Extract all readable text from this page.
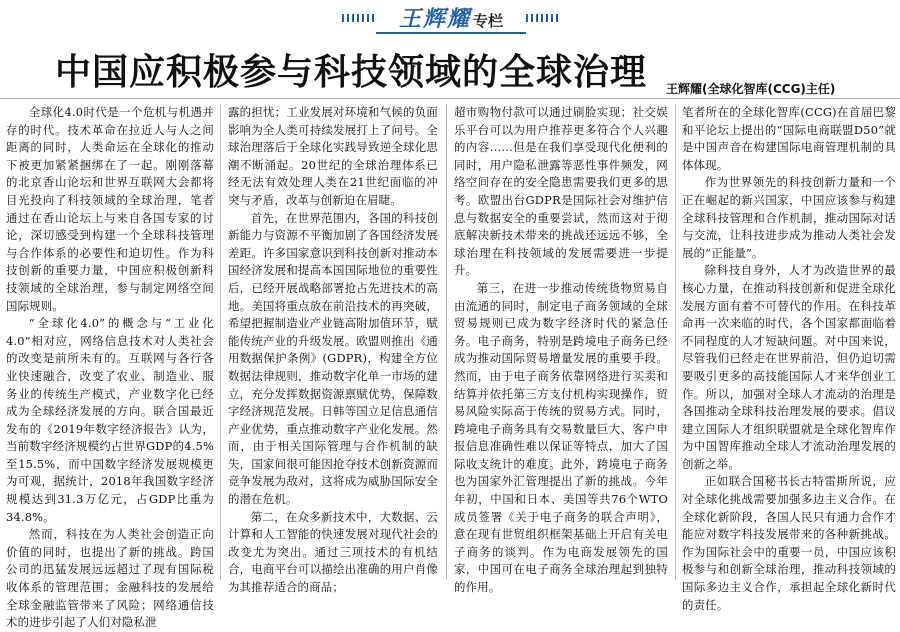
王辉耀 专栏
中国应积极参与科技领域的全球治理 王辉耀(全球化智库(CCG)主任)

全球化4.0时代是一个危机与机遇并存的时代。技术革命在拉近人与人之间距离的同时，人类命运在全球化的推动下被更加紧紧捆绑在了一起。刚刚落幕的北京香山论坛和世界互联网大会都将目光投向了科技领域的全球治理，笔者通过在香山论坛上与来自各国专家的讨论，深切感受到构建一个全球科技管理与合作体系的必要性和迫切性。作为科技创新的重要力量，中国应积极创新科技领域的全球治理，参与制定网络空间国际规则。

“全球化4.0”的概念与“工业化4.0”相对应，网络信息技术对人类社会的改变是前所未有的。互联网与各行各业快速融合，改变了农业、制造业、服务业的传统生产模式，产业数字化已经成为全球经济发展的方向。联合国最近发布的《2019年数字经济报告》认为，当前数字经济规模约占世界GDP的4.5%至15.5%，而中国数字经济发展规模更为可观，据统计，2018年我国数字经济规模达到31.3万亿元，占GDP比重为34.8%。

然而，科技在为人类社会创造正向价值的同时，也提出了新的挑战。跨国公司的迅猛发展远远超过了现有国际税收体系的管理范围；金融科技的发展给全球金融监管带来了风险；网络通信技术的进步引起了人们对隐私泄

露的担忧；工业发展对环境和气候的负面影响为全人类可持续发展打上了问号。全球治理落后于全球化实践导致逆全球化思潮不断涌起。20世纪的全球治理体系已经无法有效处理人类在21世纪面临的冲突与矛盾，改革与创新迫在眉睫。

首先，在世界范围内，各国的科技创新能力与资源不平衡加剧了各国经济发展差距。许多国家意识到科技创新对推动本国经济发展和提高本国国际地位的重要性后，已经开展战略部署抢占先进技术的高地。美国将重点放在前沿技术的再突破，希望把握制造业产业链高附加值环节，赋能传统产业的升级发展。欧盟则推出《通用数据保护条例》(GDPR)，构建全方位数据法律规则，推动数字化单一市场的建立，充分发挥数据资源禀赋优势，保障数字经济规范发展。日韩等国立足信息通信产业优势，重点推动数字产业化发展。然而，由于相关国际管理与合作机制的缺失，国家间很可能因抢夺技术创新资源而竞争发展为敌对，这将成为威胁国际安全的潜在危机。

第二，在众多新技术中，大数据、云计算和人工智能的快速发展对现代社会的改变尤为突出。通过三项技术的有机结合，电商平台可以描绘出准确的用户肖像为其推荐适合的商品；

超市购物付款可以通过刷脸实现；社交娱乐平台可以为用户推荐更多符合个人兴趣的内容……但是在我们享受现代化便利的同时，用户隐私泄露等恶性事件频发，网络空间存在的安全隐患需要我们更多的思考。欧盟出台GDPR是国际社会对维护信息与数据安全的重要尝试，然而这对于彻底解决新技术带来的挑战还远远不够，全球治理在科技领域的发展需要进一步提升。

第三，在进一步推动传统货物贸易自由流通的同时，制定电子商务领域的全球贸易规则已成为数字经济时代的紧急任务。电子商务，特别是跨境电子商务已经成为推动国际贸易增量发展的重要手段。然而，由于电子商务依靠网络进行买卖和结算并依托第三方支付机构实现操作，贸易风险实际高于传统的贸易方式。同时，跨境电子商务具有交易数量巨大、客户申报信息准确性难以保证等特点，加大了国际收支统计的难度。此外，跨境电子商务也为国家外汇管理提出了新的挑战。今年年初，中国和日本、美国等共76个WTO成员签署《关于电子商务的联合声明》，意在现有世贸组织框架基础上开启有关电子商务的谈判。作为电商发展领先的国家，中国可在电子商务全球治理起到独特的作用。

笔者所在的全球化智库(CCG)在首届巴黎和平论坛上提出的“国际电商联盟D50”就是中国声音在构建国际电商管理机制的具体体现。

作为世界领先的科技创新力量和一个正在崛起的新兴国家，中国应该参与构建全球科技管理和合作机制，推动国际对话与交流，让科技进步成为推动人类社会发展的“正能量”。

除科技自身外，人才为改造世界的最核心力量，在推动科技创新和促进全球化发展方面有着不可替代的作用。在科技革命再一次来临的时代，各个国家都面临着不同程度的人才短缺问题。对中国来说，尽管我们已经走在世界前沿，但仍迫切需要吸引更多的高技能国际人才来华创业工作。所以，加强对全球人才流动的治理是各国推动全球科技治理发展的要求。倡议建立国际人才组织联盟就是全球化智库作为中国智库推动全球人才流动治理发展的创新之举。

正如联合国秘书长古特雷斯所说，应对全球化挑战需要加强多边主义合作。在全球化新阶段，各国人民只有通力合作才能应对数字科技发展带来的各种新挑战。作为国际社会中的重要一员，中国应该积极参与和创新全球治理，推动科技领域的国际多边主义合作，承担起全球化新时代的责任。
